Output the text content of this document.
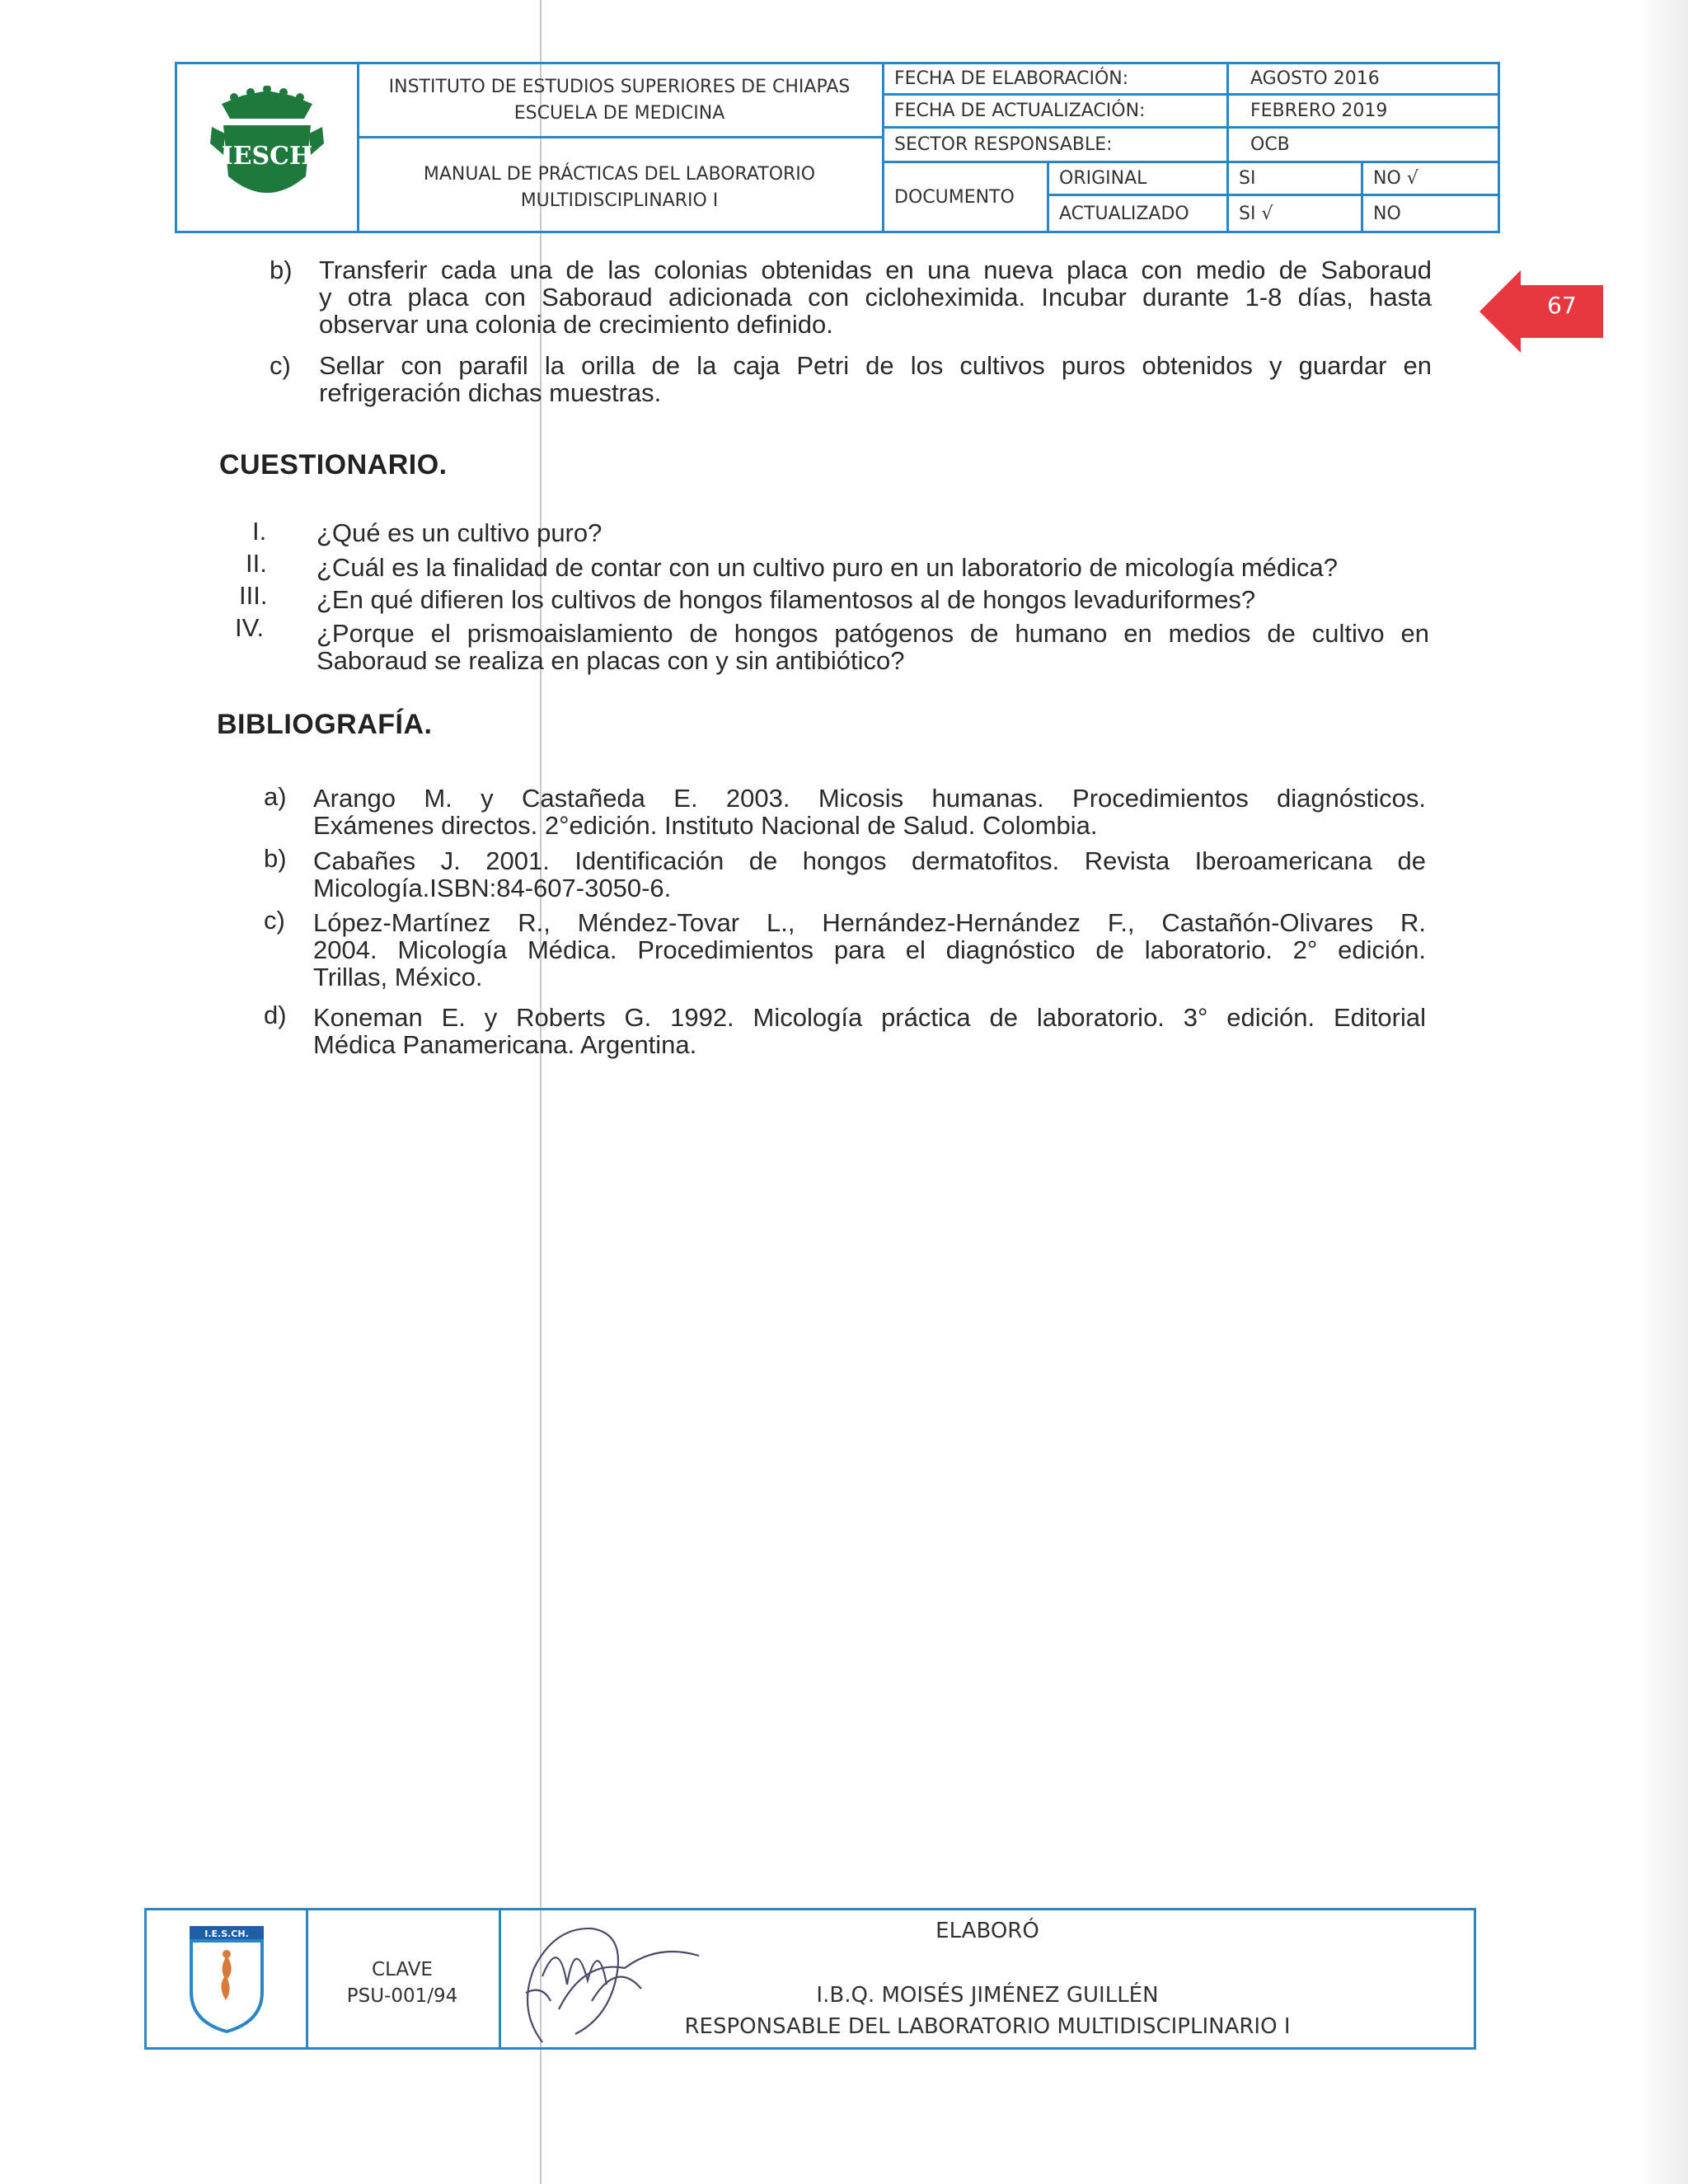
IESCH
INSTITUTO DE ESTUDIOS SUPERIORES DE CHIAPAS
ESCUELA DE MEDICINA
MANUAL DE PRÁCTICAS DEL LABORATORIO
MULTIDISCIPLINARIO I
FECHA DE ELABORACIÓN:	AGOSTO 2016
FECHA DE ACTUALIZACIÓN:	FEBRERO 2019
SECTOR RESPONSABLE:	OCB
DOCUMENTO
ORIGINAL	SI	NO √
ACTUALIZADO	SI √	NO
67
b) Transferir cada una de las colonias obtenidas en una nueva placa con medio de Saboraud
y otra placa con Saboraud adicionada con cicloheximida. Incubar durante 1-8 días, hasta
observar una colonia de crecimiento definido.
c) Sellar con parafil la orilla de la caja Petri de los cultivos puros obtenidos y guardar en
refrigeración dichas muestras.
CUESTIONARIO.
I. ¿Qué es un cultivo puro?
II. ¿Cuál es la finalidad de contar con un cultivo puro en un laboratorio de micología médica?
III. ¿En qué difieren los cultivos de hongos filamentosos al de hongos levaduriformes?
IV. ¿Porque el prismoaislamiento de hongos patógenos de humano en medios de cultivo en
Saboraud se realiza en placas con y sin antibiótico?
BIBLIOGRAFÍA.
a) Arango M. y Castañeda E. 2003. Micosis humanas. Procedimientos diagnósticos.
Exámenes directos. 2°edición. Instituto Nacional de Salud. Colombia.
b) Cabañes J. 2001. Identificación de hongos dermatofitos. Revista Iberoamericana de
Micología.ISBN:84-607-3050-6.
c) López-Martínez R., Méndez-Tovar L., Hernández-Hernández F., Castañón-Olivares R.
2004. Micología Médica. Procedimientos para el diagnóstico de laboratorio. 2° edición.
Trillas, México.
d) Koneman E. y Roberts G. 1992. Micología práctica de laboratorio. 3° edición. Editorial
Médica Panamericana. Argentina.
I.E.S.CH.
CLAVE
PSU-001/94
ELABORÓ
I.B.Q. MOISÉS JIMÉNEZ GUILLÉN
RESPONSABLE DEL LABORATORIO MULTIDISCIPLINARIO I
